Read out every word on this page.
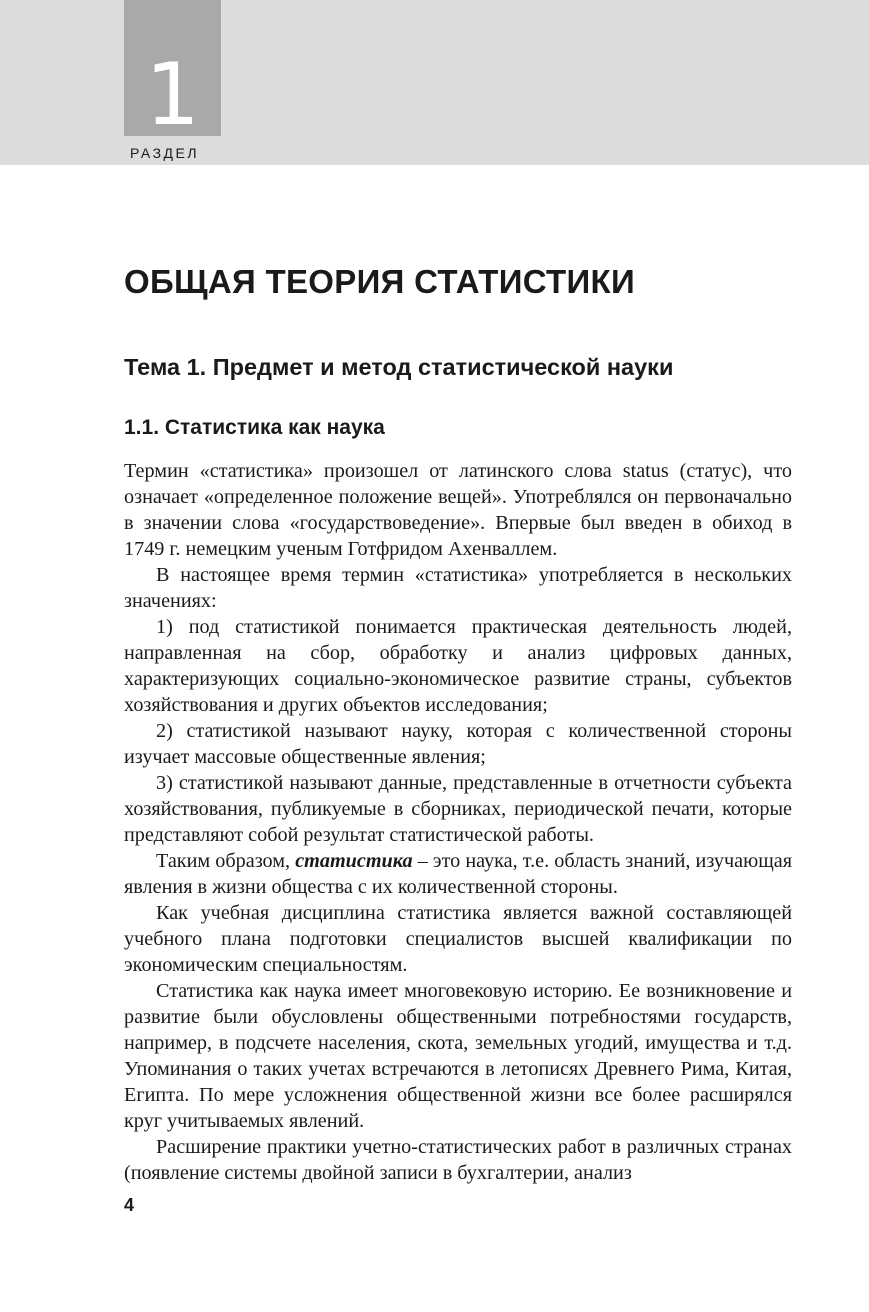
1
РАЗДЕЛ
ОБЩАЯ ТЕОРИЯ СТАТИСТИКИ
Тема 1. Предмет и метод статистической науки
1.1. Статистика как наука

Термин «статистика» произошел от латинского слова status (статус), что означает «определенное положение вещей». Употреблялся он первоначально в значении слова «государствоведение». Впервые был введен в обиход в 1749 г. немецким ученым Готфридом Ахенваллем.

В настоящее время термин «статистика» употребляется в нескольких значениях:

1) под статистикой понимается практическая деятельность людей, направленная на сбор, обработку и анализ цифровых данных, характеризующих социально-экономическое развитие страны, субъектов хозяйствования и других объектов исследования;

2) статистикой называют науку, которая с количественной стороны изучает массовые общественные явления;

3) статистикой называют данные, представленные в отчетности субъекта хозяйствования, публикуемые в сборниках, периодической печати, которые представляют собой результат статистической работы.

Таким образом, статистика – это наука, т.е. область знаний, изучающая явления в жизни общества с их количественной стороны.

Как учебная дисциплина статистика является важной составляющей учебного плана подготовки специалистов высшей квалификации по экономическим специальностям.

Статистика как наука имеет многовековую историю. Ее возникновение и развитие были обусловлены общественными потребностями государств, например, в подсчете населения, скота, земельных угодий, имущества и т.д. Упоминания о таких учетах встречаются в летописях Древнего Рима, Китая, Египта. По мере усложнения общественной жизни все более расширялся круг учитываемых явлений.

Расширение практики учетно-статистических работ в различных странах (появление системы двойной записи в бухгалтерии, анализ

4
